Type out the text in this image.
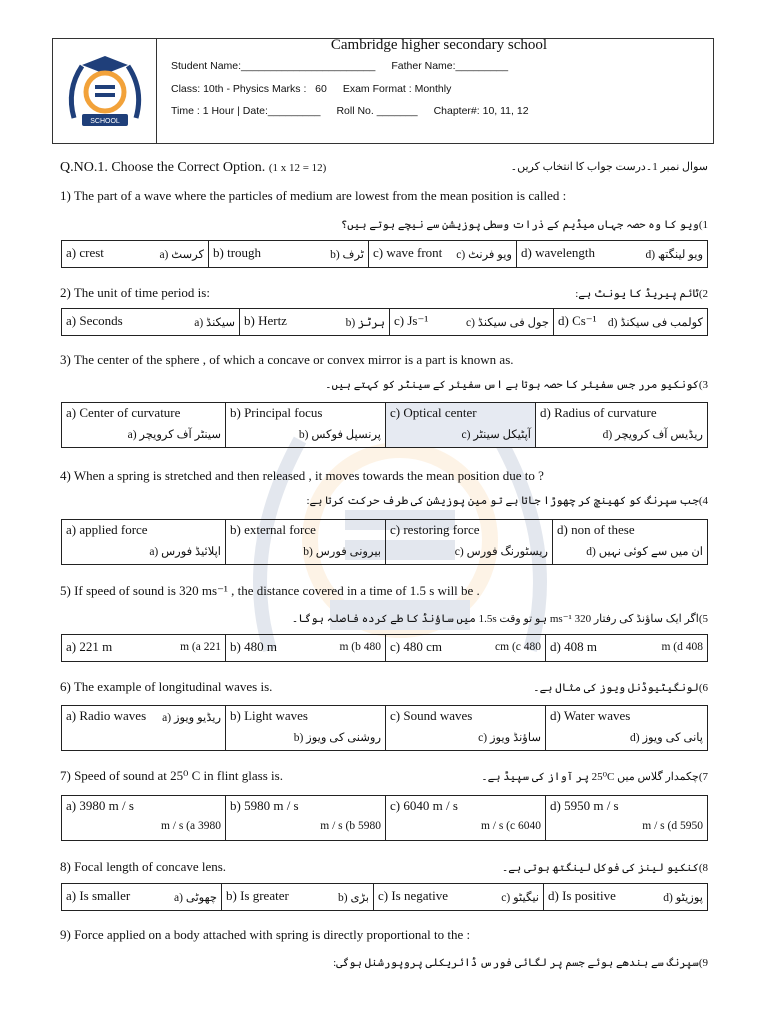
SCHOOL
Cambridge higher secondary school
Student Name:_______________________ Father Name:_________
Class: 10th - Physics Marks :   60 Exam Format : Monthly
Time : 1 Hour | Date:_________ Roll No. _______ Chapter#: 10, 11, 12
Q.NO.1. Choose the Correct Option. (1 x 12 = 12)	سوال نمبر 1۔درست جواب کا انتخاب کریں۔
1) The part of a wave where the particles of medium are lowest from the mean position is called :
1)ویو کا وہ حصہ جہاں میڈیم کے ذرات وسطی پوزیشن سے نیچے ہوتے ہیں؟
a) crest	کرسٹ (a	b) trough	ٹرف (b	c) wave front ویو فرنٹ (c	d) wavelength	ویو لینگتھ (d
2) The unit of time period is:	2)ٹائم پیریڈ کا یونٹ ہے:
a) Seconds	سیکنڈ (a	b) Hertz	ہرٹز (b	c) Js⁻¹	جول فی سیکنڈ (c	d) Cs⁻¹ کولمب فی سیکنڈ (d
3) The center of the sphere , of which a concave or convex mirror is a part is known as.
3)کونکیو مرر جس سفیئر کا حصہ ہوتا ہے اس سفیئر کے سینٹر کو کہتے ہیں۔
a) Center of curvature
سینٹر آف کرویچر (a

b) Principal focus
پرنسپل فوکس (b

c) Optical center
آپٹیکل سینٹر (c

d) Radius of curvature
ریڈیس آف کرویچر (d
4) When a spring is stretched and then released , it moves towards the mean position due to ?
4)جب سپرنگ کو کھینچ کر چھوڑا جاتا ہے تو مین پوزیشن کی طرف حرکت کرتا ہے:
a) applied force
اپلائیڈ فورس (a

b) external force
بیرونی فورس (b

c) restoring force
ریسٹورنگ فورس (c

d) non of these
ان میں سے کوئی نہیں (d
5) If speed of sound is 320 ms⁻¹ , the distance covered in a time of 1.5 s will be .
5)اگر ایک ساؤنڈ کی رفتار 320 ms⁻¹ ہو تو وقت 1.5s میں ساؤنڈ کا طے کردہ فاصلہ ہوگا۔
a) 221 m	221 m (a	b) 480 m	480 m (b	c) 480 cm	480 cm (c	d) 408 m	408 m (d
6) The example of longitudinal waves is.	6)لونگیٹیوڈنل ویوز کی مثال ہے۔
a) Radio waves ریڈیو ویوز (a	b) Light waves
روشنی کی ویوز (b

c) Sound waves
ساؤنڈ ویوز (c

d) Water waves
پانی کی ویوز (d
7) Speed of sound at 25⁰ C in flint glass is.	7)چکمدار گلاس میں 25⁰C پر آواز کی سپیڈ ہے۔
a) 3980 m / s
3980 m / s (a

b) 5980 m / s
5980 m / s (b

c) 6040 m / s
6040 m / s (c

d) 5950 m / s
5950 m / s (d
8) Focal length of concave lens.	8)کنکیو لینز کی فوکل لینگتھ ہوتی ہے۔
a) Is smaller	چھوٹی (a	b) Is greater	بڑی (b	c) Is negative	نیگیٹو (c	d) Is positive	پوزیٹو (d
9) Force applied on a body attached with spring is directly proportional to the :
9)سپرنگ سے بندھے ہوئے جسم پر لگائی فورس ڈائریکلی پروپورشنل ہوگی:
